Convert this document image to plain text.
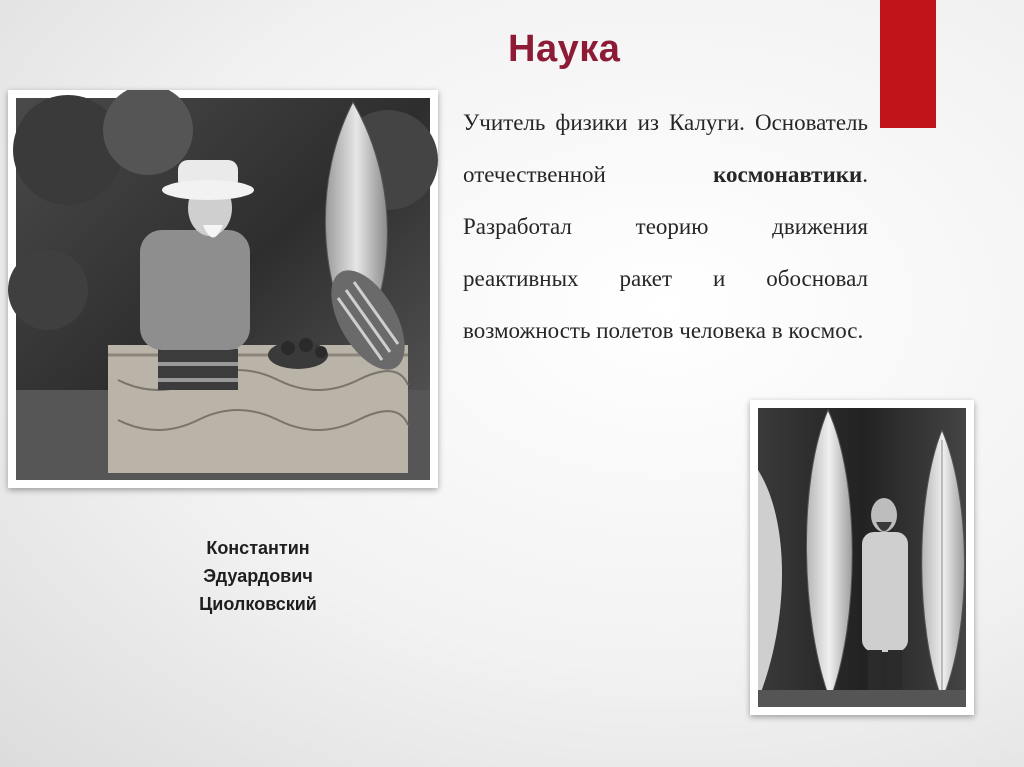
Наука

Учитель физики из Калуги. Основатель отечественной космонавтики. Разработал теорию движения реактивных ракет и обосновал возможность полетов человека в космос.

Константин
Эдуардович
Циолковский
